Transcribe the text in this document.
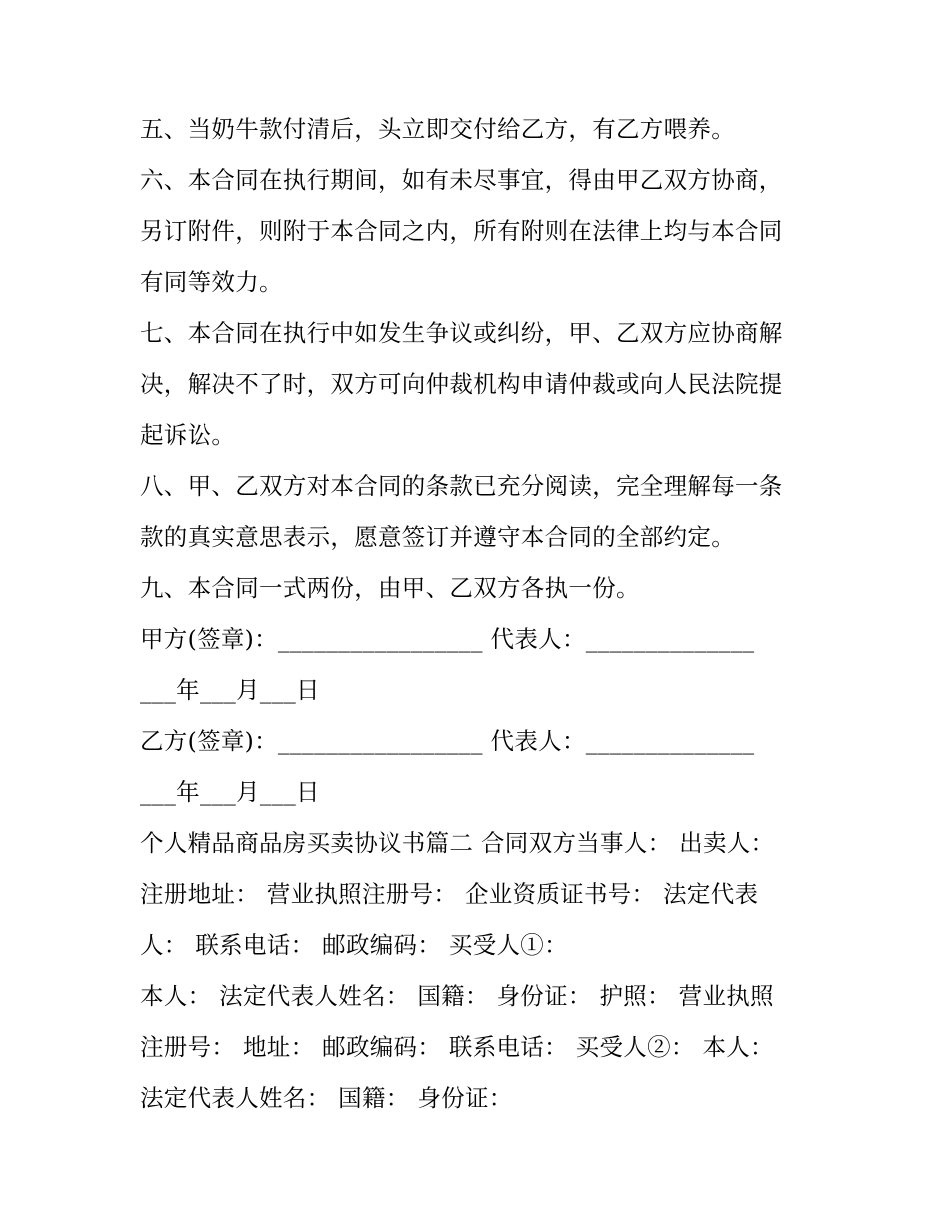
五、当奶牛款付清后，头立即交付给乙方，有乙方喂养。

六、本合同在执行期间，如有未尽事宜，得由甲乙双方协商，

另订附件，则附于本合同之内，所有附则在法律上均与本合同

有同等效力。

七、本合同在执行中如发生争议或纠纷，甲、乙双方应协商解

决，解决不了时，双方可向仲裁机构申请仲裁或向人民法院提

起诉讼。

八、甲、乙双方对本合同的条款已充分阅读，完全理解每一条

款的真实意思表示，愿意签订并遵守本合同的全部约定。

九、本合同一式两份，由甲、乙双方各执一份。

甲方(签章)：_________________ 代表人：______________

___年___月___日

乙方(签章)：_________________ 代表人：______________

___年___月___日

个人精品商品房买卖协议书篇二 合同双方当事人： 出卖人：

注册地址： 营业执照注册号： 企业资质证书号： 法定代表

人： 联系电话： 邮政编码： 买受人①：

本人： 法定代表人姓名： 国籍： 身份证： 护照： 营业执照

注册号： 地址： 邮政编码： 联系电话： 买受人②： 本人：

法定代表人姓名： 国籍： 身份证：
